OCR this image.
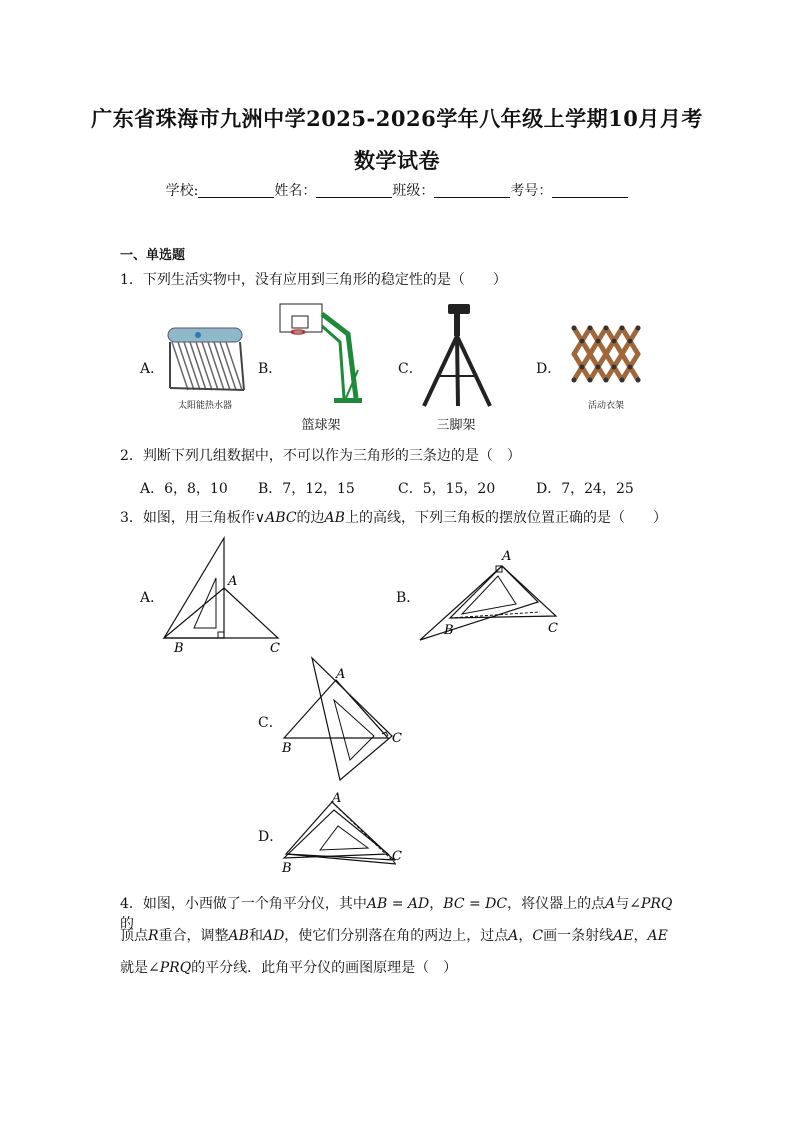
广东省珠海市九洲中学2025-2026学年八年级上学期10月月考
数学试卷
学校:	姓名：	班级：	考号：
一、单选题
1．下列生活实物中，没有应用到三角形的稳定性的是（　　）
A．
太阳能热水器
B．
篮球架
C．
三脚架
D．
活动衣架
2．判断下列几组数据中，不可以作为三角形的三条边的是（　）
A．6，8，10 B．7，12，15	C．5，15，20	D．7，24，25
3．如图，用三角板作∨ABC的边AB上的高线，下列三角板的摆放位置正确的是（　　）
A．
A
B	C
B．
A
B	C
C．
A
B
C
D．
A
B
C
4．如图，小西做了一个角平分仪，其中AB = AD，BC = DC，将仪器上的点A与∠PRQ的
顶点R重合，调整AB和AD，使它们分别落在角的两边上，过点A，C画一条射线AE，AE
就是∠PRQ的平分线．此角平分仪的画图原理是（　）
